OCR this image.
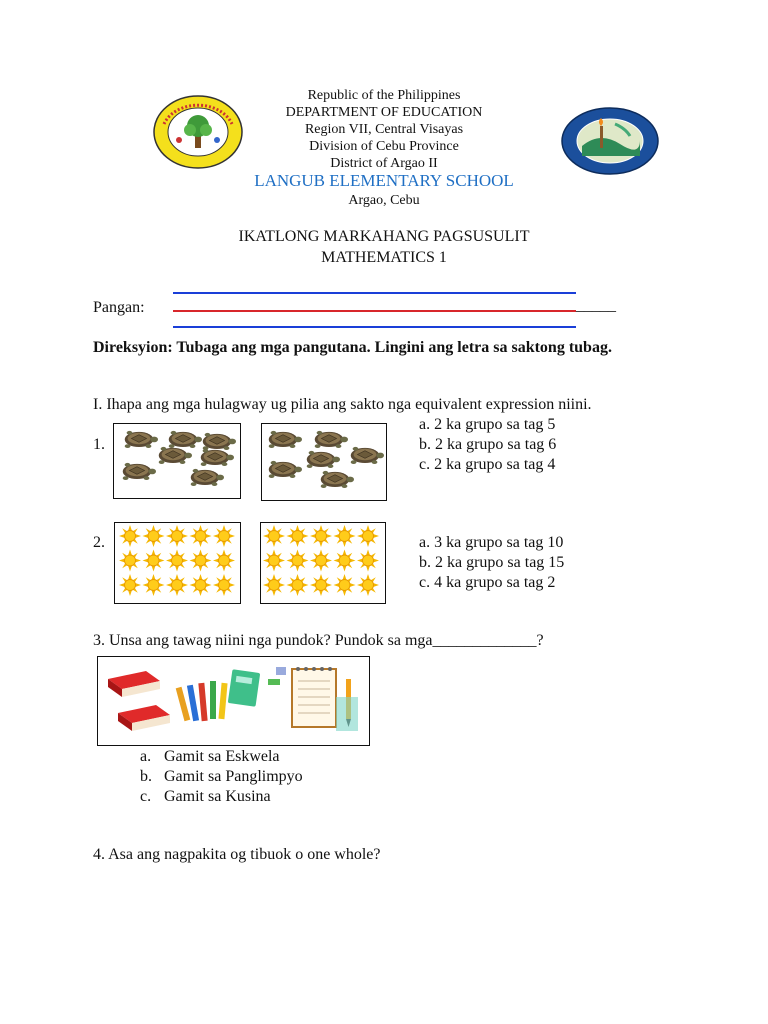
Republic of the Philippines
DEPARTMENT OF EDUCATION
Region VII, Central Visayas
Division of Cebu Province
District of Argao II
LANGUB ELEMENTARY SCHOOL
Argao, Cebu
IKATLONG MARKAHANG PAGSUSULIT
MATHEMATICS 1
Pangan:	_____
Direksyion: Tubaga ang mga pangutana. Lingini ang letra sa saktong tubag.
I. Ihapa ang mga hulagway ug pilia ang sakto nga equivalent expression niini.
1.
a. 2 ka grupo sa tag 5
b. 2 ka grupo sa tag 6
c. 2 ka grupo sa tag 4
2.	a. 3 ka grupo sa tag 10
b. 2 ka grupo sa tag 15
c. 4 ka grupo sa tag 2
3. Unsa ang tawag niini nga pundok? Pundok sa mga_____________?
a. Gamit sa Eskwela
b. Gamit sa Panglimpyo
c. Gamit sa Kusina
4. Asa ang nagpakita og tibuok o one whole?
